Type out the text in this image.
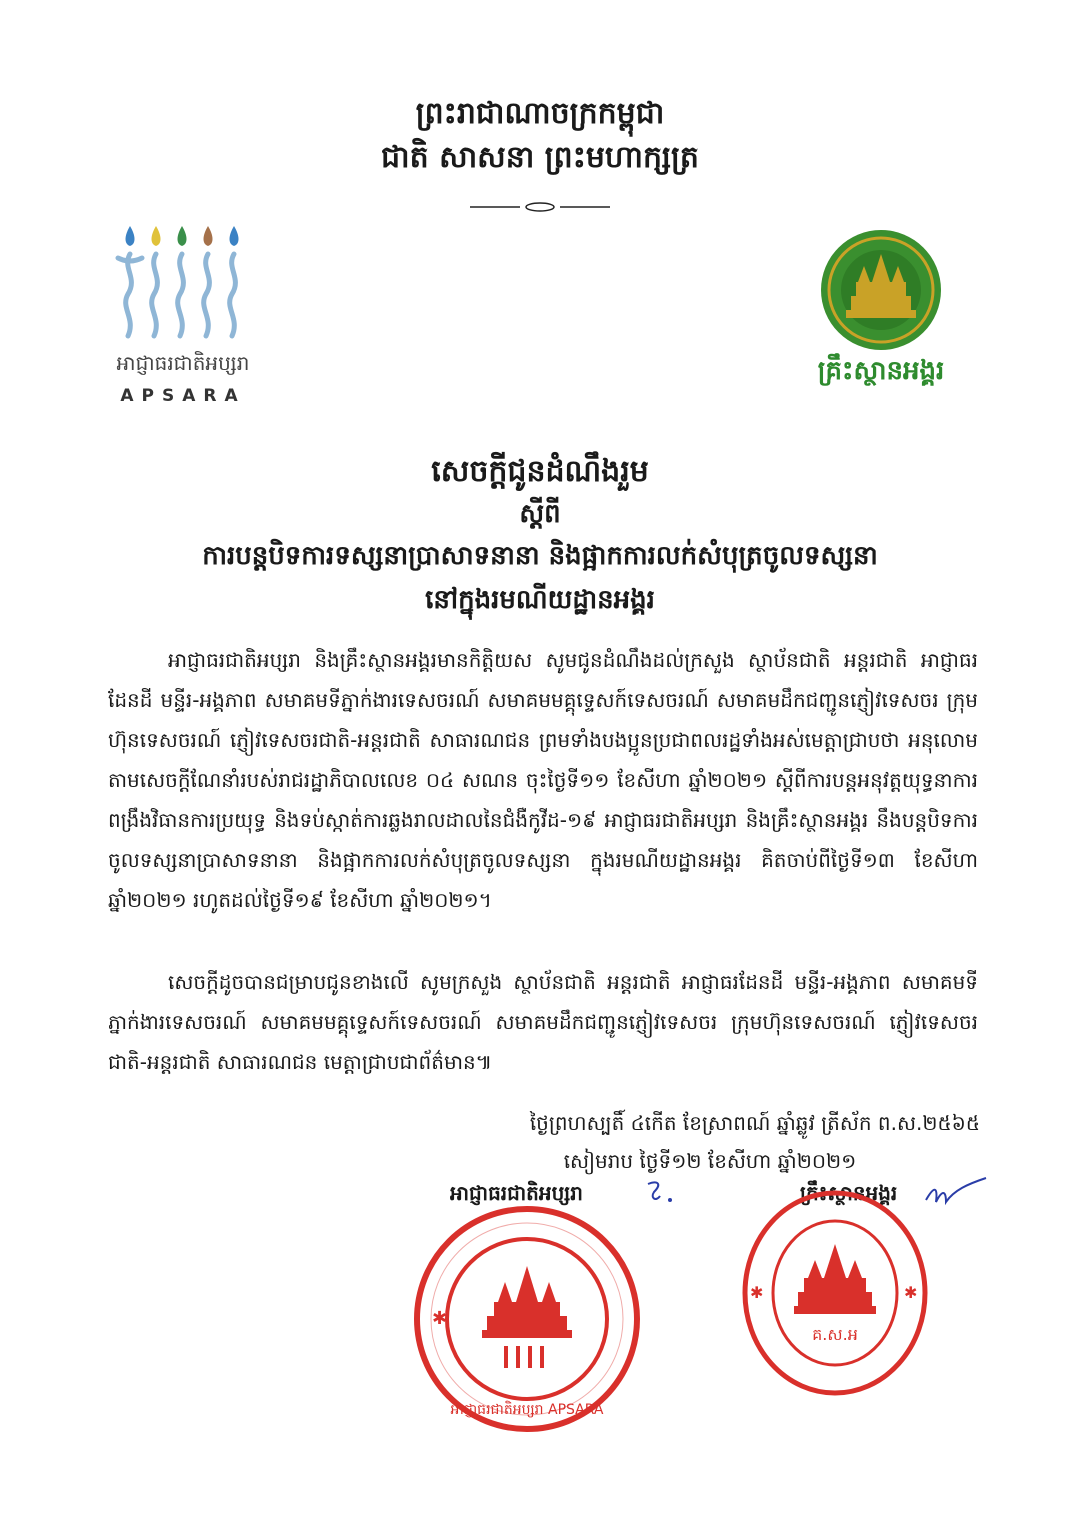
ព្រះរាជាណាចក្រកម្ពុជា
ជាតិ សាសនា ព្រះមហាក្សត្រ
អាជ្ញាធរជាតិអប្សរា
APSARA
គ្រឹះស្ថានអង្គរ
សេចក្តីជូនដំណឹងរួម
ស្តីពី
ការបន្តបិទការទស្សនាប្រាសាទនានា និងផ្អាកការលក់សំបុត្រចូលទស្សនា
នៅក្នុងរមណីយដ្ឋានអង្គរ
អាជ្ញាធរជាតិអប្សរា និងគ្រឹះស្ថានអង្គរមានកិត្តិយស សូមជូនដំណឹងដល់ក្រសួង ស្ថាប័នជាតិ អន្តរជាតិ អាជ្ញាធរដែនដី មន្ទីរ-អង្គភាព សមាគមទីភ្នាក់ងារទេសចរណ៍ សមាគមមគ្គុទ្ទេសក៍ទេសចរណ៍ សមាគមដឹកជញ្ជូនភ្ញៀវទេសចរ ក្រុមហ៊ុនទេសចរណ៍ ភ្ញៀវទេសចរជាតិ-អន្តរជាតិ សាធារណជន ព្រមទាំងបងប្អូនប្រជាពលរដ្ឋទាំងអស់មេត្តាជ្រាបថា អនុលោមតាមសេចក្តីណែនាំរបស់រាជរដ្ឋាភិបាលលេខ ០៤ សណន ចុះថ្ងៃទី១១ ខែសីហា ឆ្នាំ២០២១ ស្តីពីការបន្តអនុវត្តយុទ្ធនាការពង្រឹងវិធានការប្រយុទ្ធ និងទប់ស្កាត់ការឆ្លងរាលដាលនៃជំងឺកូវីដ-១៩ អាជ្ញាធរជាតិអប្សរា និងគ្រឹះស្ថានអង្គរ នឹងបន្តបិទការចូលទស្សនាប្រាសាទនានា និងផ្អាកការលក់សំបុត្រចូលទស្សនា ក្នុងរមណីយដ្ឋានអង្គរ គិតចាប់ពីថ្ងៃទី១៣ ខែសីហា ឆ្នាំ២០២១ រហូតដល់ថ្ងៃទី១៩ ខែសីហា ឆ្នាំ២០២១។
សេចក្តីដូចបានជម្រាបជូនខាងលើ សូមក្រសួង ស្ថាប័នជាតិ អន្តរជាតិ អាជ្ញាធរដែនដី មន្ទីរ-អង្គភាព សមាគមទីភ្នាក់ងារទេសចរណ៍ សមាគមមគ្គុទ្ទេសក៍ទេសចរណ៍ សមាគមដឹកជញ្ជូនភ្ញៀវទេសចរ ក្រុមហ៊ុនទេសចរណ៍ ភ្ញៀវទេសចរជាតិ-អន្តរជាតិ សាធារណជន មេត្តាជ្រាបជាព័ត៌មាន៕
ថ្ងៃព្រហស្បតិ៍ ៤កើត ខែស្រាពណ៍ ឆ្នាំឆ្លូវ ត្រីស័ក ព.ស.២៥៦៥
សៀមរាប ថ្ងៃទី១២ ខែសីហា ឆ្នាំ២០២១
អាជ្ញាធរជាតិអប្សរា	គ្រឹះស្ថានអង្គរ
អាជ្ញាធរជាតិអប្សរា APSARA
✱
គ.ស.អ
✱	✱
